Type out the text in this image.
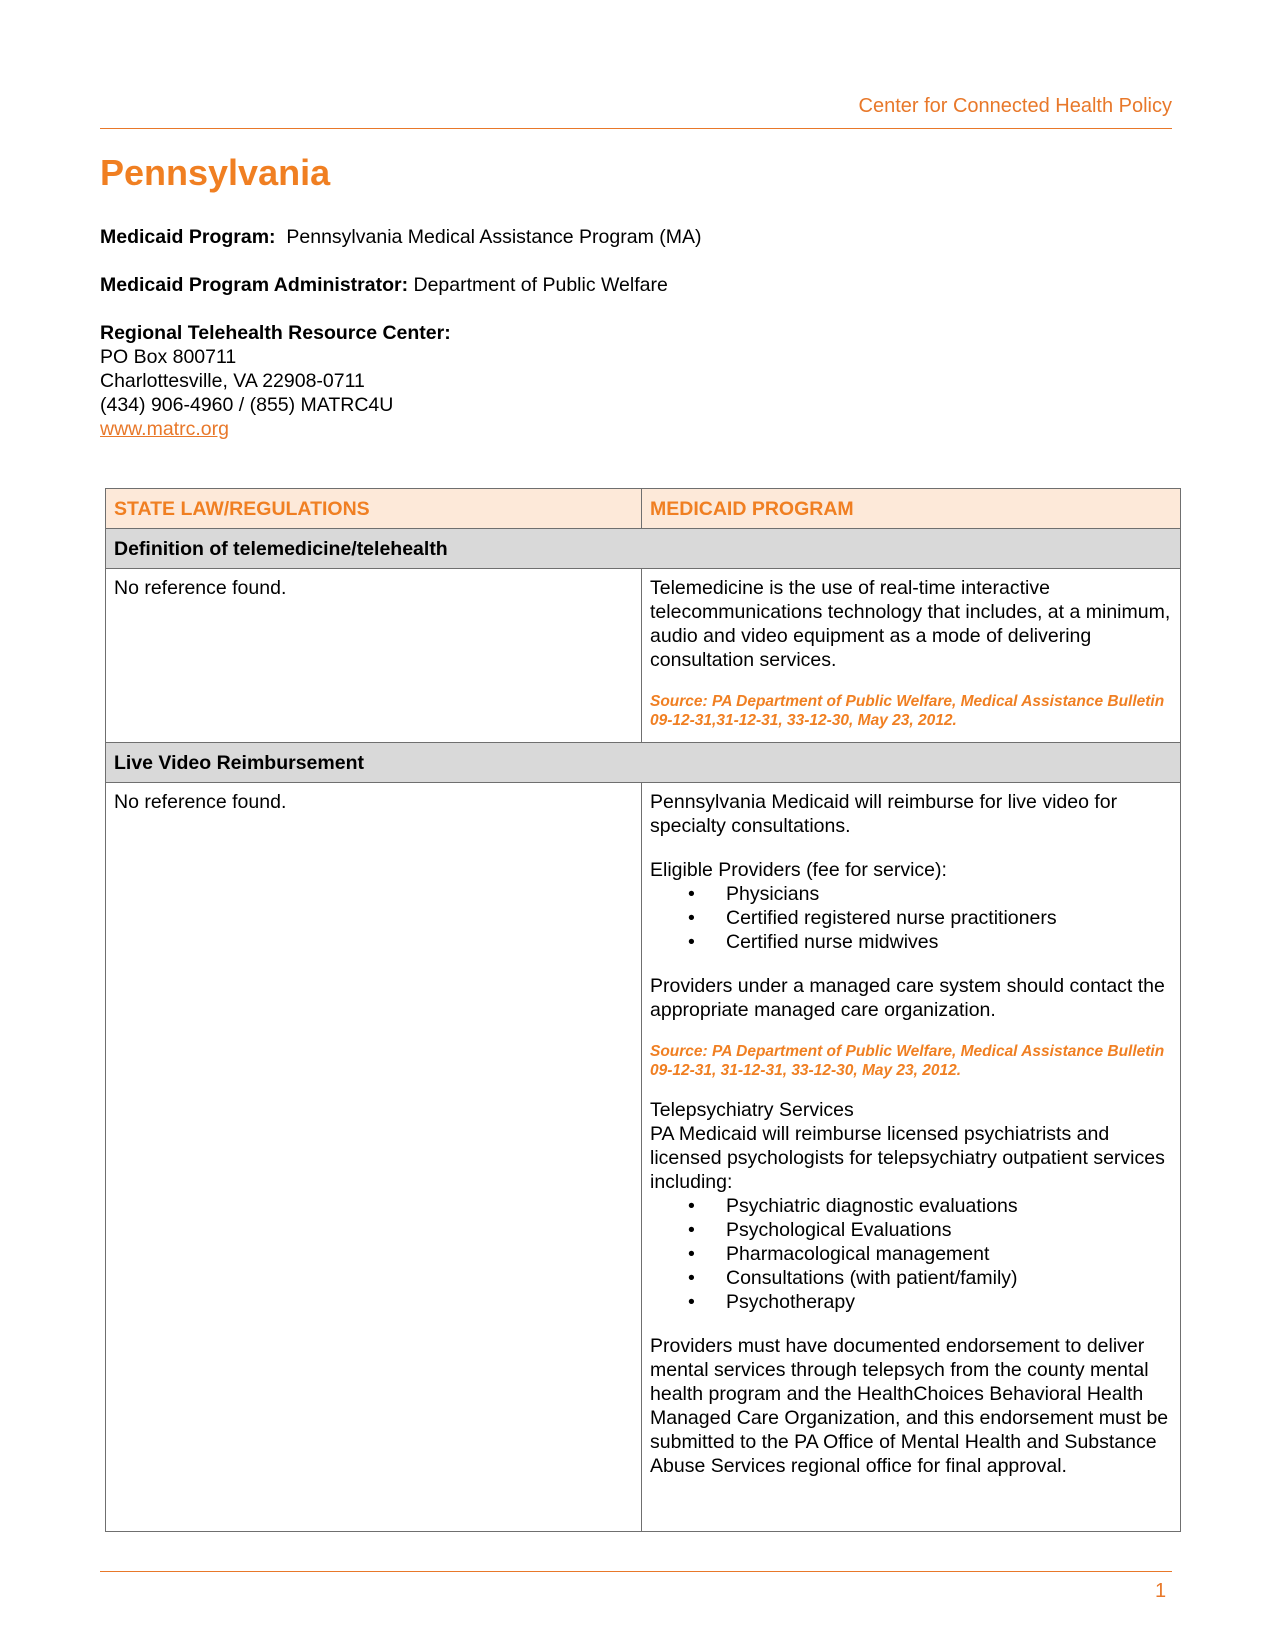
Center for Connected Health Policy
Pennsylvania
Medicaid Program: Pennsylvania Medical Assistance Program (MA)
Medicaid Program Administrator: Department of Public Welfare
Regional Telehealth Resource Center:
PO Box 800711
Charlottesville, VA 22908-0711
(434) 906-4960 / (855) MATRC4U
www.matrc.org
STATE LAW/REGULATIONS	MEDICAID PROGRAM
Definition of telemedicine/telehealth	
No reference found.	Telemedicine is the use of real-time interactive telecommunications technology that includes, at a minimum, audio and video equipment as a mode of delivering consultation services.
Source: PA Department of Public Welfare, Medical Assistance Bulletin 09-12-31,31-12-31, 33-12-30, May 23, 2012.

Live Video Reimbursement	
No reference found.	Pennsylvania Medicaid will reimburse for live video for specialty consultations.
Eligible Providers (fee for service):
• Physicians
• Certified registered nurse practitioners
• Certified nurse midwives
Providers under a managed care system should contact the appropriate managed care organization.
Source: PA Department of Public Welfare, Medical Assistance Bulletin 09-12-31, 31-12-31, 33-12-30, May 23, 2012.
Telepsychiatry Services
PA Medicaid will reimburse licensed psychiatrists and licensed psychologists for telepsychiatry outpatient services including:
• Psychiatric diagnostic evaluations
• Psychological Evaluations
• Pharmacological management
• Consultations (with patient/family)
• Psychotherapy
Providers must have documented endorsement to deliver mental services through telepsych from the county mental health program and the HealthChoices Behavioral Health Managed Care Organization, and this endorsement must be submitted to the PA Office of Mental Health and Substance Abuse Services regional office for final approval.
1
